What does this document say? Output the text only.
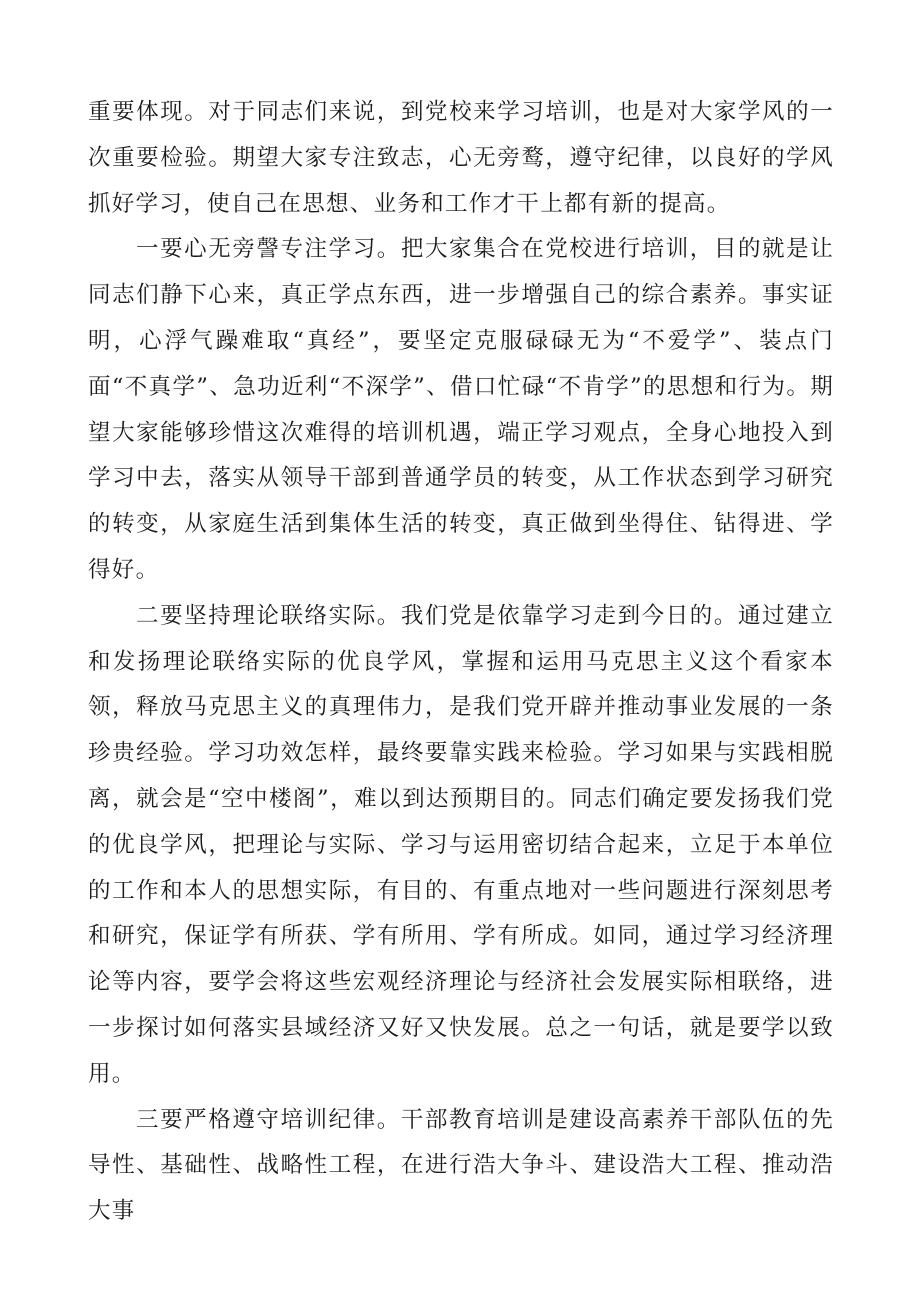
重要体现。对于同志们来说，到党校来学习培训，也是对大家学风的一次重要检验。期望大家专注致志，心无旁鹜，遵守纪律，以良好的学风抓好学习，使自己在思想、业务和工作才干上都有新的提高。

一要心无旁謦专注学习。把大家集合在党校进行培训，目的就是让同志们静下心来，真正学点东西，进一步增强自己的综合素养。事实证明，心浮气躁难取“真经”，要坚定克服碌碌无为“不爱学”、装点门面“不真学”、急功近利“不深学”、借口忙碌“不肯学”的思想和行为。期望大家能够珍惜这次难得的培训机遇，端正学习观点，全身心地投入到学习中去，落实从领导干部到普通学员的转变，从工作状态到学习研究的转变，从家庭生活到集体生活的转变，真正做到坐得住、钻得进、学得好。

二要坚持理论联络实际。我们党是依靠学习走到今日的。通过建立和发扬理论联络实际的优良学风，掌握和运用马克思主义这个看家本领，释放马克思主义的真理伟力，是我们党开辟并推动事业发展的一条珍贵经验。学习功效怎样，最终要靠实践来检验。学习如果与实践相脱离，就会是“空中楼阁”，难以到达预期目的。同志们确定要发扬我们党的优良学风，把理论与实际、学习与运用密切结合起来，立足于本单位的工作和本人的思想实际，有目的、有重点地对一些问题进行深刻思考和研究，保证学有所获、学有所用、学有所成。如同，通过学习经济理论等内容，要学会将这些宏观经济理论与经济社会发展实际相联络，进一步探讨如何落实县域经济又好又快发展。总之一句话，就是要学以致用。

三要严格遵守培训纪律。干部教育培训是建设高素养干部队伍的先导性、基础性、战略性工程，在进行浩大争斗、建设浩大工程、推动浩大事
